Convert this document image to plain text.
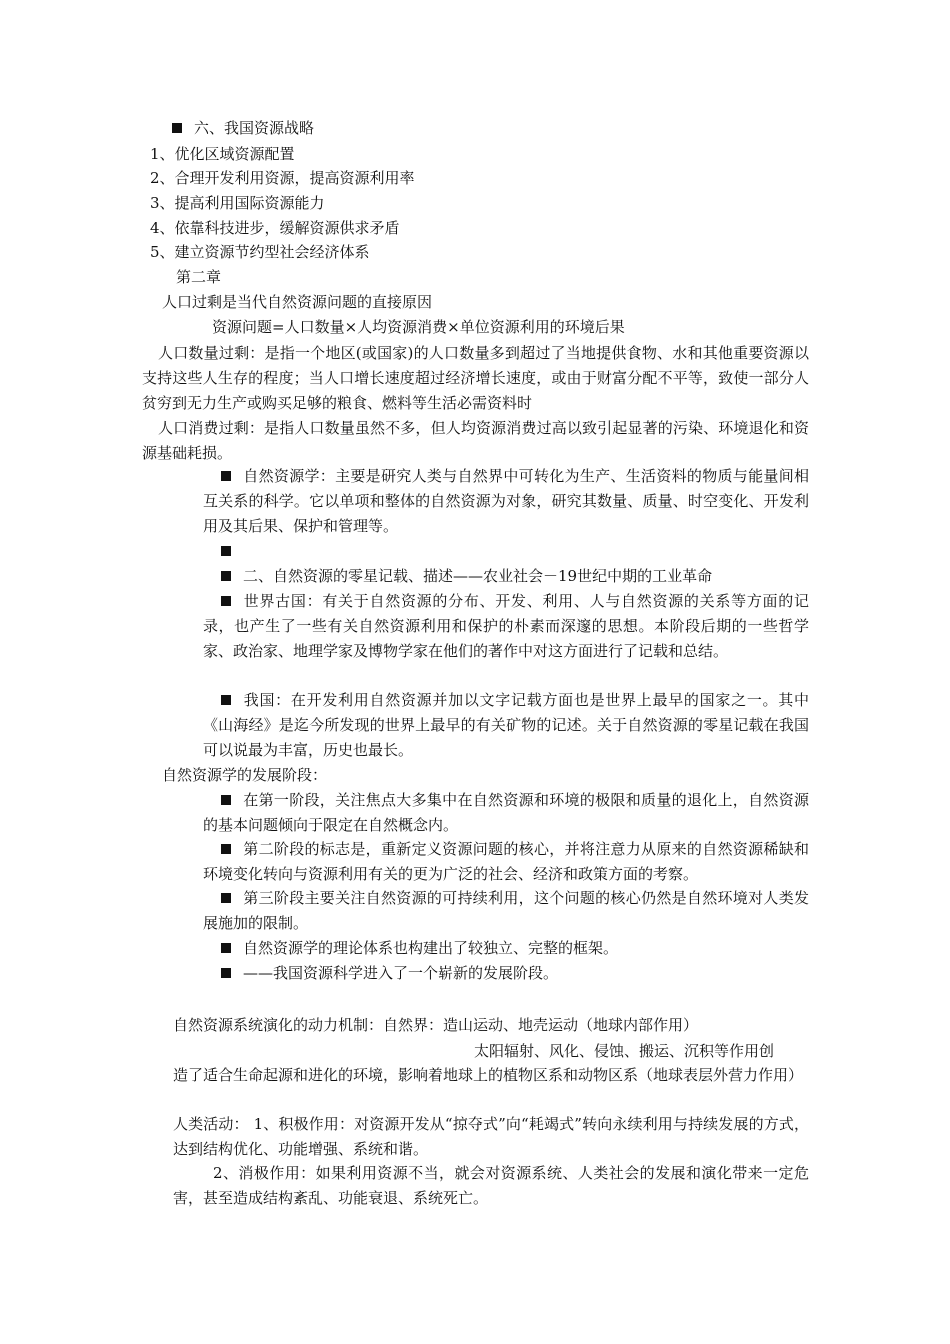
六、我国资源战略
1、优化区域资源配置
2、合理开发利用资源，提高资源利用率
3、提高利用国际资源能力
4、依靠科技进步，缓解资源供求矛盾
5、建立资源节约型社会经济体系
第二章
人口过剩是当代自然资源问题的直接原因
资源问题=人口数量×人均资源消费×单位资源利用的环境后果
人口数量过剩：是指一个地区(或国家)的人口数量多到超过了当地提供食物、水和其他重要资源以支持这些人生存的程度；当人口增长速度超过经济增长速度，或由于财富分配不平等，致使一部分人贫穷到无力生产或购买足够的粮食、燃料等生活必需资料时
人口消费过剩：是指人口数量虽然不多，但人均资源消费过高以致引起显著的污染、环境退化和资源基础耗损。
自然资源学：主要是研究人类与自然界中可转化为生产、生活资料的物质与能量间相互关系的科学。它以单项和整体的自然资源为对象，研究其数量、质量、时空变化、开发利用及其后果、保护和管理等。
二、自然资源的零星记载、描述——农业社会－19世纪中期的工业革命
世界古国：有关于自然资源的分布、开发、利用、人与自然资源的关系等方面的记录，也产生了一些有关自然资源利用和保护的朴素而深邃的思想。本阶段后期的一些哲学家、政治家、地理学家及博物学家在他们的著作中对这方面进行了记载和总结。
我国：在开发利用自然资源并加以文字记载方面也是世界上最早的国家之一。其中《山海经》是迄今所发现的世界上最早的有关矿物的记述。关于自然资源的零星记载在我国可以说最为丰富，历史也最长。
自然资源学的发展阶段：
在第一阶段，关注焦点大多集中在自然资源和环境的极限和质量的退化上，自然资源的基本问题倾向于限定在自然概念内。
第二阶段的标志是，重新定义资源问题的核心，并将注意力从原来的自然资源稀缺和环境变化转向与资源利用有关的更为广泛的社会、经济和政策方面的考察。
第三阶段主要关注自然资源的可持续利用，这个问题的核心仍然是自然环境对人类发展施加的限制。
自然资源学的理论体系也构建出了较独立、完整的框架。
——我国资源科学进入了一个崭新的发展阶段。
自然资源系统演化的动力机制：自然界：造山运动、地壳运动（地球内部作用）
太阳辐射、风化、侵蚀、搬运、沉积等作用创
造了适合生命起源和进化的环境，影响着地球上的植物区系和动物区系（地球表层外营力作用）
人类活动： 1、积极作用：对资源开发从“掠夺式”向“耗竭式”转向永续利用与持续发展的方式，达到结构优化、功能增强、系统和谐。
2、消极作用：如果利用资源不当，就会对资源系统、人类社会的发展和演化带来一定危害，甚至造成结构紊乱、功能衰退、系统死亡。
